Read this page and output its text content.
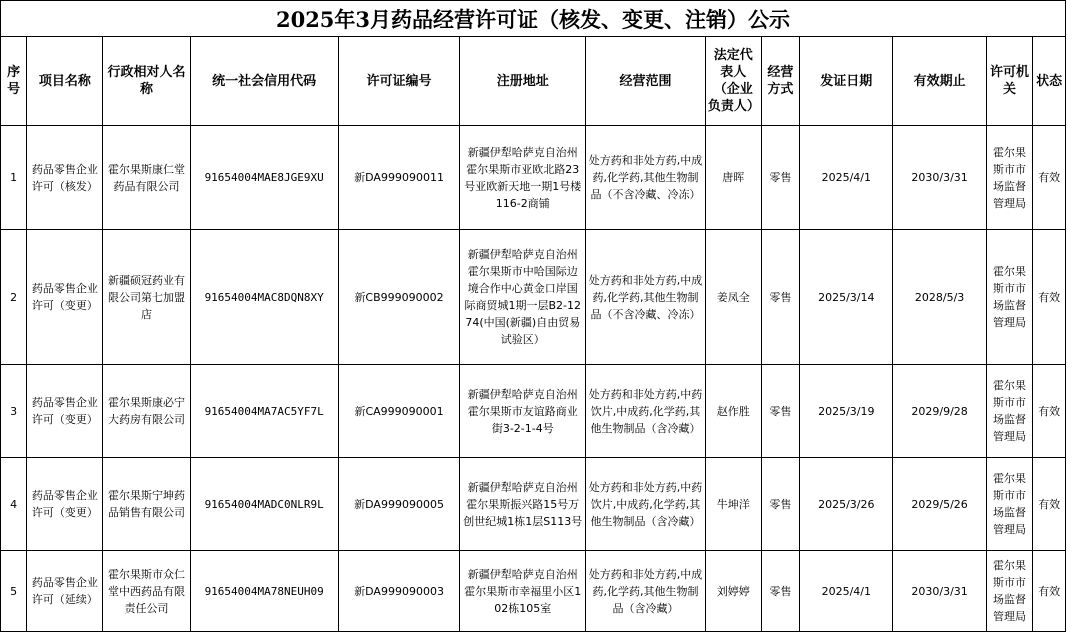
2025年3月药品经营许可证（核发、变更、注销）公示												
序号	项目名称	行政相对人名称	统一社会信用代码	许可证编号	注册地址	经营范围	法定代表人（企业负责人）	经营方式	发证日期	有效期止	许可机关	状态
1	药品零售企业许可（核发）	霍尔果斯康仁堂药品有限公司	91654004MAE8JGE9XU	新DA999090011	新疆伊犁哈萨克自治州霍尔果斯市亚欧北路23号亚欧新天地一期1号楼116-2商铺	处方药和非处方药,中成药,化学药,其他生物制品（不含冷藏、冷冻）	唐晖	零售	2025/4/1	2030/3/31	霍尔果斯市市场监督管理局	有效
2	药品零售企业许可（变更）	新疆硕冠药业有限公司第七加盟店	91654004MAC8DQN8XY	新CB999090002	新疆伊犁哈萨克自治州霍尔果斯市中哈国际边境合作中心黄金口岸国际商贸城1期一层B2-1274(中国(新疆)自由贸易试验区）	处方药和非处方药,中成药,化学药,其他生物制品（不含冷藏、冷冻）	姜凤全	零售	2025/3/14	2028/5/3	霍尔果斯市市场监督管理局	有效
3	药品零售企业许可（变更）	霍尔果斯康必宁大药房有限公司	91654004MA7AC5YF7L	新CA999090001	新疆伊犁哈萨克自治州霍尔果斯市友谊路商业街3-2-1-4号	处方药和非处方药,中药饮片,中成药,化学药,其他生物制品（含冷藏）	赵作胜	零售	2025/3/19	2029/9/28	霍尔果斯市市场监督管理局	有效
4	药品零售企业许可（变更）	霍尔果斯宁坤药品销售有限公司	91654004MADC0NLR9L	新DA999090005	新疆伊犁哈萨克自治州霍尔果斯振兴路15号万创世纪城1栋1层S113号	处方药和非处方药,中药饮片,中成药,化学药,其他生物制品（含冷藏）	牛坤洋	零售	2025/3/26	2029/5/26	霍尔果斯市市场监督管理局	有效
5	药品零售企业许可（延续）	霍尔果斯市众仁堂中西药品有限责任公司	91654004MA78NEUH09	新DA999090003	新疆伊犁哈萨克自治州霍尔果斯市幸福里小区102栋105室	处方药和非处方药,中成药,化学药,其他生物制品（含冷藏）	刘婷婷	零售	2025/4/1	2030/3/31	霍尔果斯市市场监督管理局	有效
